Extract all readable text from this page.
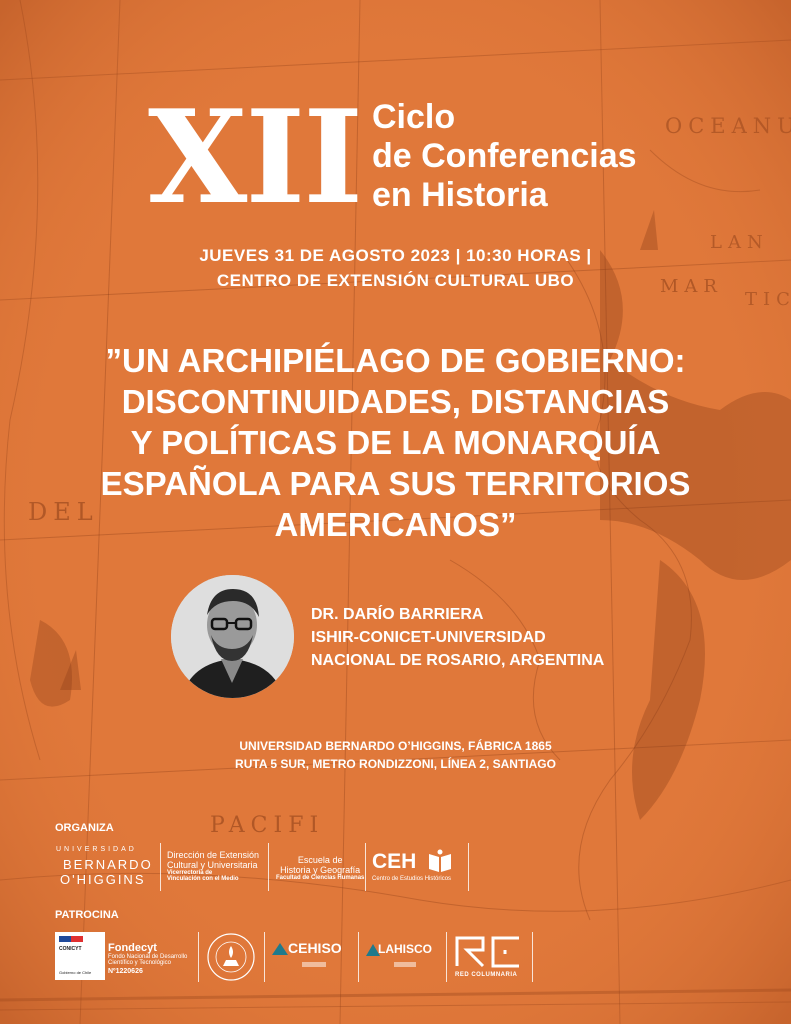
XII Ciclo
de Conferencias
en Historia
JUEVES 31 DE AGOSTO 2023 | 10:30 HORAS |
CENTRO DE EXTENSIÓN CULTURAL UBO
”UN ARCHIPIÉLAGO DE GOBIERNO:
DISCONTINUIDADES, DISTANCIAS
Y POLÍTICAS DE LA MONARQUÍA
ESPAÑOLA PARA SUS TERRITORIOS
AMERICANOS”
DR. DARÍO BARRIERA
ISHIR-CONICET-UNIVERSIDAD
NACIONAL DE ROSARIO, ARGENTINA
UNIVERSIDAD BERNARDO O’HIGGINS, FÁBRICA 1865
RUTA 5 SUR, METRO RONDIZZONI, LÍNEA 2, SANTIAGO
ORGANIZA
UNIVERSIDAD
BERNARDO
O'HIGGINS
Dirección de Extensión
Cultural y Universitaria
Vicerrectoría de
Vinculación con el Medio
Escuela de
Historia y Geografía
Facultad de Ciencias Humanas
CEH
Centro de Estudios Históricos
PATROCINA
CONICYT
Gobierno de Chile
Fondecyt
Fondo Nacional de Desarrollo
Científico y Tecnológico
Nº1220626
CEHISO	LAHISCO
RED COLUMNARIA
